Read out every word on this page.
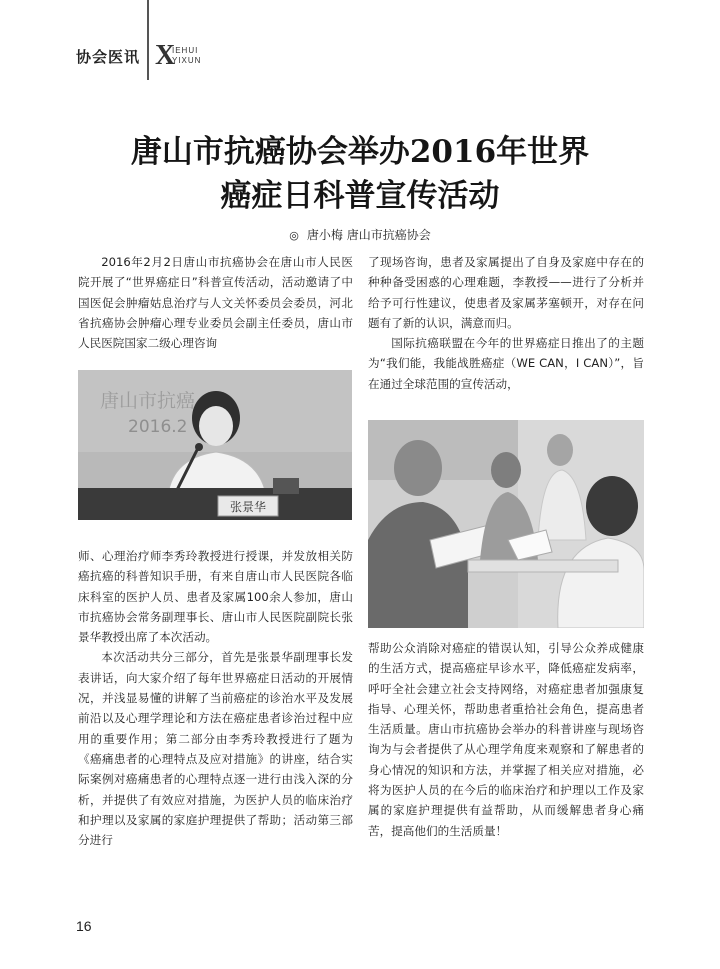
协会医讯 X
IEHUI
YIXUN
唐山市抗癌协会举办2016年世界
癌症日科普宣传活动
◎ 唐小梅 唐山市抗癌协会

2016年2月2日唐山市抗癌协会在唐山市人民医院开展了“世界癌症日”科普宣传活动，活动邀请了中国医促会肿瘤姑息治疗与人文关怀委员会委员，河北省抗癌协会肿瘤心理专业委员会副主任委员，唐山市人民医院国家二级心理咨询

唐山市抗癌
2016.2
张景华

师、心理治疗师李秀玲教授进行授课，并发放相关防癌抗癌的科普知识手册，有来自唐山市人民医院各临床科室的医护人员、患者及家属100余人参加，唐山市抗癌协会常务副理事长、唐山市人民医院副院长张景华教授出席了本次活动。

本次活动共分三部分，首先是张景华副理事长发表讲话，向大家介绍了每年世界癌症日活动的开展情况，并浅显易懂的讲解了当前癌症的诊治水平及发展前沿以及心理学理论和方法在癌症患者诊治过程中应用的重要作用；第二部分由李秀玲教授进行了题为《癌痛患者的心理特点及应对措施》的讲座，结合实际案例对癌痛患者的心理特点逐一进行由浅入深的分析，并提供了有效应对措施，为医护人员的临床治疗和护理以及家属的家庭护理提供了帮助；活动第三部分进行

了现场咨询，患者及家属提出了自身及家庭中存在的种种备受困惑的心理难题，李教授——进行了分析并给予可行性建议，使患者及家属茅塞顿开，对存在问题有了新的认识，满意而归。

国际抗癌联盟在今年的世界癌症日推出了的主题为“我们能，我能战胜癌症（WE CAN，I CAN）”，旨在通过全球范围的宣传活动，

帮助公众消除对癌症的错误认知，引导公众养成健康的生活方式，提高癌症早诊水平，降低癌症发病率，呼吁全社会建立社会支持网络，对癌症患者加强康复指导、心理关怀，帮助患者重拾社会角色，提高患者生活质量。唐山市抗癌协会举办的科普讲座与现场咨询为与会者提供了从心理学角度来观察和了解患者的身心情况的知识和方法，并掌握了相关应对措施，必将为医护人员的在今后的临床治疗和护理以工作及家属的家庭护理提供有益帮助，从而缓解患者身心痛苦，提高他们的生活质量！

16
